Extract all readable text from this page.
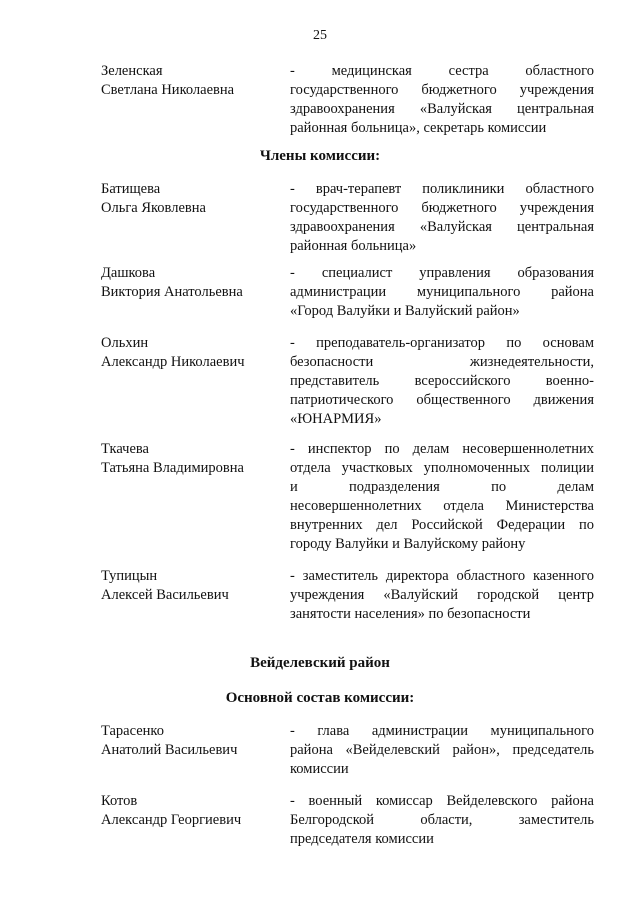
25
Зеленская
Светлана Николаевна
- медицинская сестра областного
государственного бюджетного учреждения
здравоохранения «Валуйская центральная
районная больница», секретарь комиссии
Члены комиссии:
Батищева
Ольга Яковлевна
- врач-терапевт поликлиники областного
государственного бюджетного учреждения
здравоохранения «Валуйская центральная
районная больница»
Дашкова
Виктория Анатольевна
- специалист управления образования
администрации муниципального района
«Город Валуйки и Валуйский район»
Ольхин
Александр Николаевич
- преподаватель-организатор по основам
безопасности жизнедеятельности,
представитель всероссийского военно-
патриотического общественного движения
«ЮНАРМИЯ»
Ткачева
Татьяна Владимировна
- инспектор по делам несовершеннолетних
отдела участковых уполномоченных полиции
и подразделения по делам
несовершеннолетних отдела Министерства
внутренних дел Российской Федерации по
городу Валуйки и Валуйскому району
Тупицын
Алексей Васильевич
- заместитель директора областного казенного
учреждения «Валуйский городской центр
занятости населения» по безопасности
Вейделевский район
Основной состав комиссии:
Тарасенко
Анатолий Васильевич
- глава администрации муниципального
района «Вейделевский район», председатель
комиссии
Котов
Александр Георгиевич
- военный комиссар Вейделевского района
Белгородской области, заместитель
председателя комиссии
